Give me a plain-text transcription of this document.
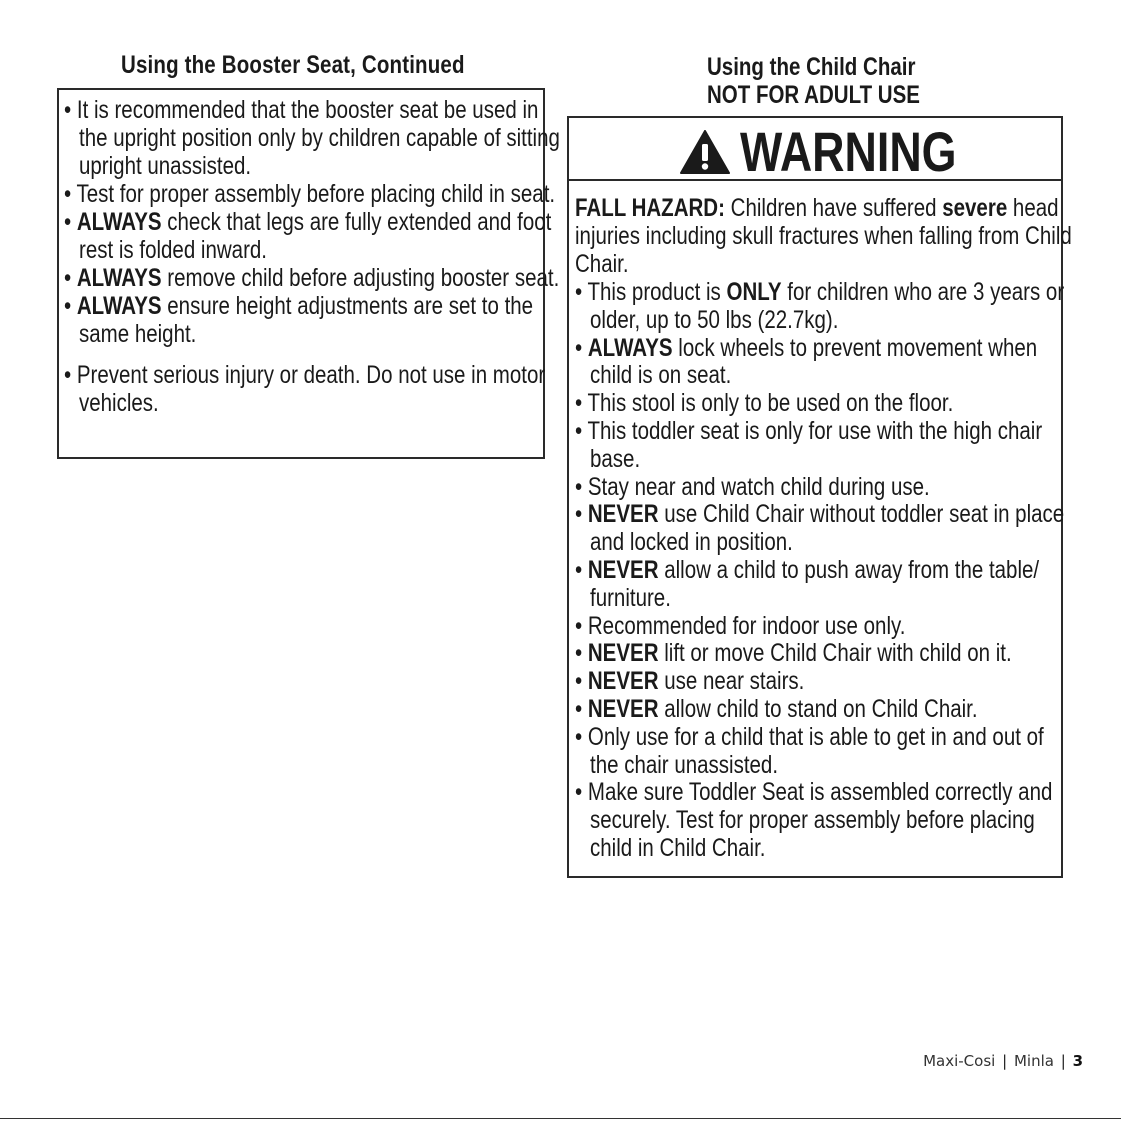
Using the Booster Seat, Continued	Using the Child Chair
NOT FOR ADULT USE
WARNING
Maxi-Cosi | Minla | 3
• It is recommended that the booster seat be used in
the upright position only by children capable of sitting
upright unassisted.
• Test for proper assembly before placing child in seat.
• ALWAYS check that legs are fully extended and foot
rest is folded inward.
• ALWAYS remove child before adjusting booster seat.
• ALWAYS ensure height adjustments are set to the
same height.
• Prevent serious injury or death. Do not use in motor
vehicles.
FALL HAZARD: Children have suffered severe head
injuries including skull fractures when falling from Child
Chair.
• This product is ONLY for children who are 3 years or
older, up to 50 lbs (22.7kg).
• ALWAYS lock wheels to prevent movement when
child is on seat.
• This stool is only to be used on the floor.
• This toddler seat is only for use with the high chair
base.
• Stay near and watch child during use.
• NEVER use Child Chair without toddler seat in place
and locked in position.
• NEVER allow a child to push away from the table/
furniture.
• Recommended for indoor use only.
• NEVER lift or move Child Chair with child on it.
• NEVER use near stairs.
• NEVER allow child to stand on Child Chair.
• Only use for a child that is able to get in and out of
the chair unassisted.
• Make sure Toddler Seat is assembled correctly and
securely. Test for proper assembly before placing
child in Child Chair.
